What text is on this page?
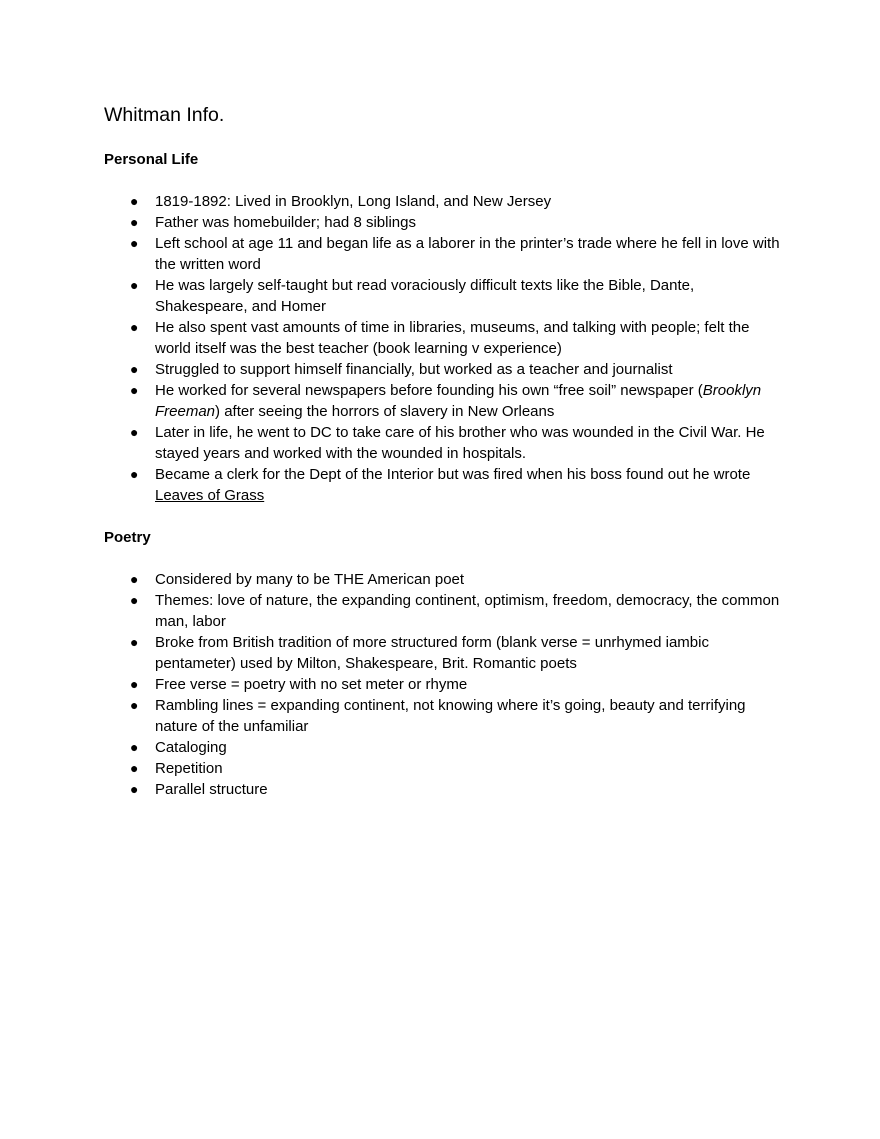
Whitman Info.
Personal Life
● 1819-1892: Lived in Brooklyn, Long Island, and New Jersey
● Father was homebuilder; had 8 siblings
● Left school at age 11 and began life as a laborer in the printer’s trade where he fell in love with the written word
● He was largely self-taught but read voraciously difficult texts like the Bible, Dante, Shakespeare, and Homer
● He also spent vast amounts of time in libraries, museums, and talking with people; felt the world itself was the best teacher (book learning v experience)
● Struggled to support himself financially, but worked as a teacher and journalist
● He worked for several newspapers before founding his own “free soil” newspaper (Brooklyn Freeman) after seeing the horrors of slavery in New Orleans
● Later in life, he went to DC to take care of his brother who was wounded in the Civil War. He stayed years and worked with the wounded in hospitals.
● Became a clerk for the Dept of the Interior but was fired when his boss found out he wrote Leaves of Grass
Poetry
● Considered by many to be THE American poet
● Themes: love of nature, the expanding continent, optimism, freedom, democracy, the common man, labor
● Broke from British tradition of more structured form (blank verse = unrhymed iambic pentameter) used by Milton, Shakespeare, Brit. Romantic poets
● Free verse = poetry with no set meter or rhyme
● Rambling lines = expanding continent, not knowing where it’s going, beauty and terrifying nature of the unfamiliar
● Cataloging
● Repetition
● Parallel structure
